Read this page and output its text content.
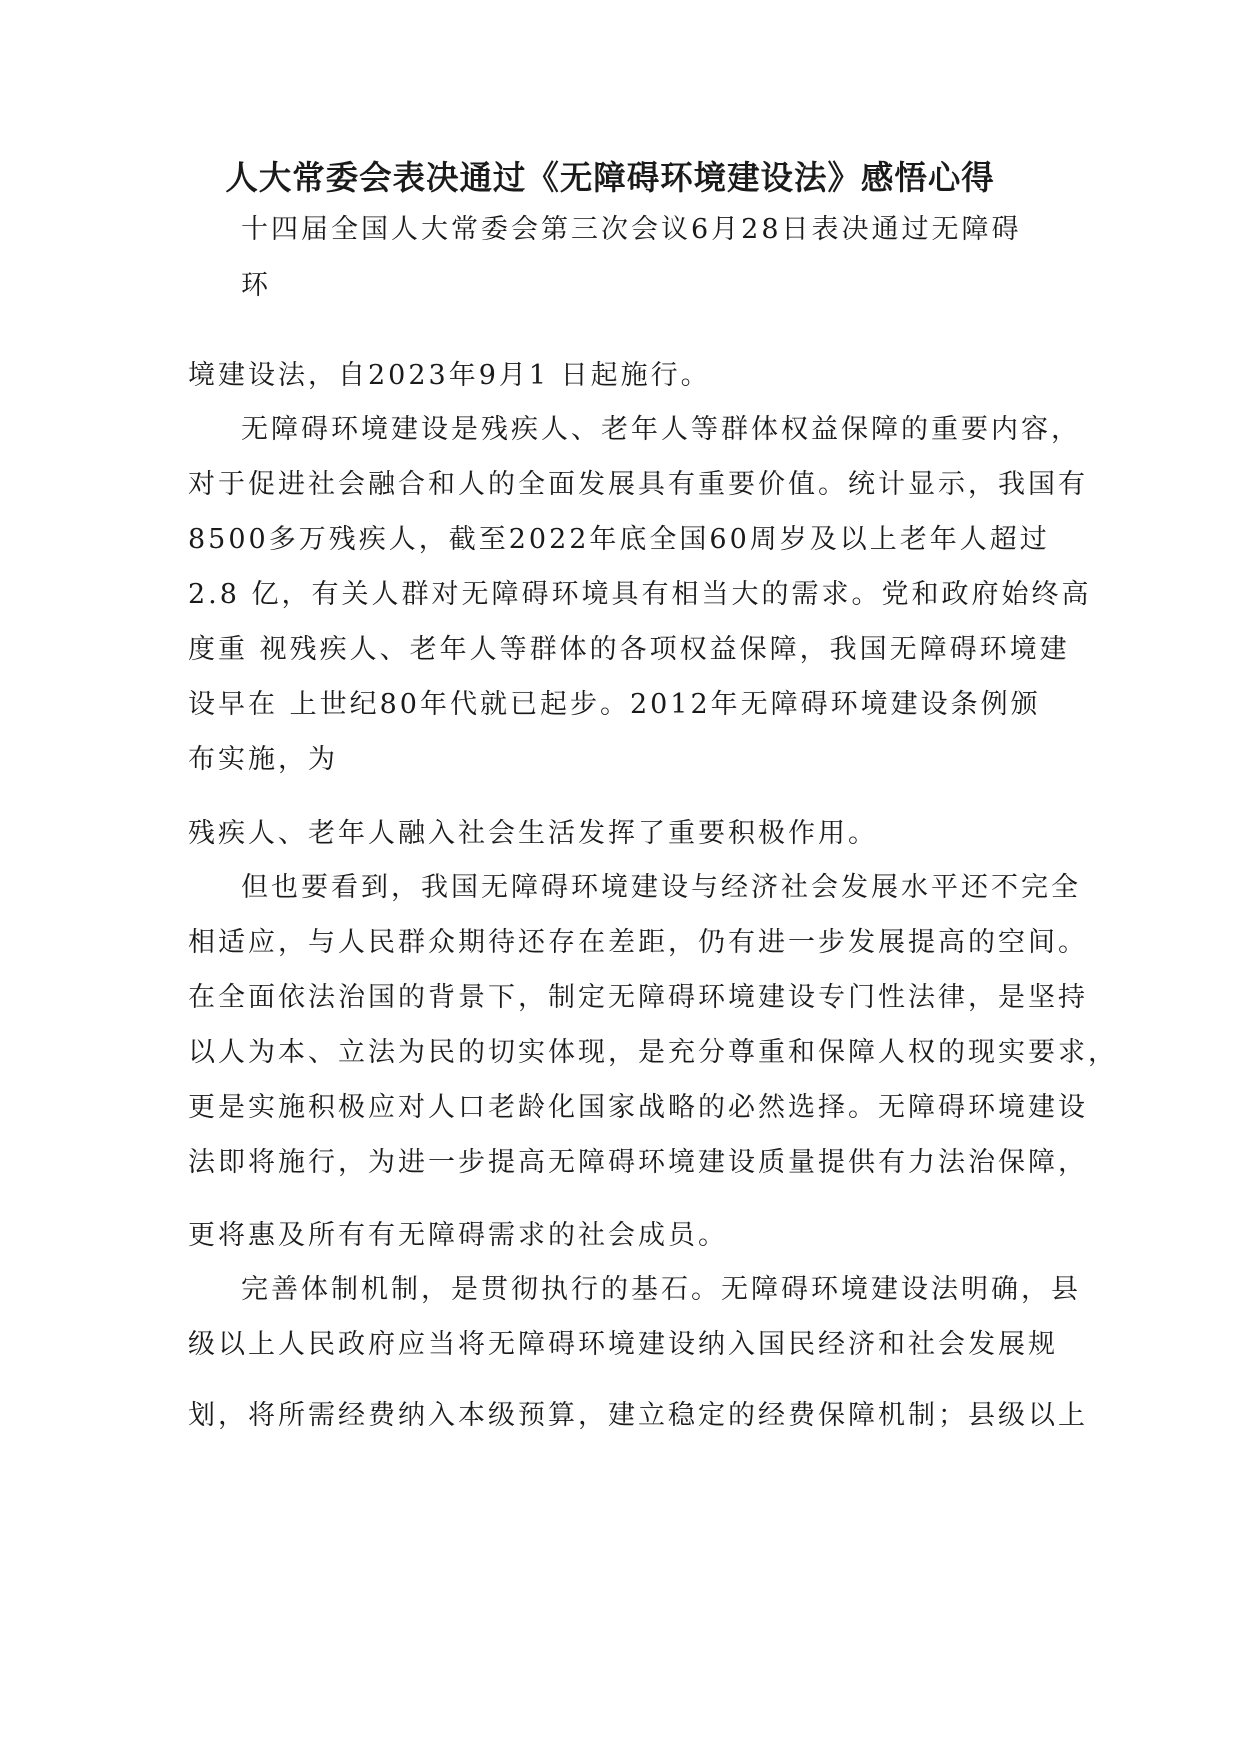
人大常委会表决通过《无障碍环境建设法》感悟心得
十四届全国人大常委会第三次会议6月28日表决通过无障碍
环
境建设法，自2023年9月1 日起施行。
无障碍环境建设是残疾人、老年人等群体权益保障的重要内容，
对于促进社会融合和人的全面发展具有重要价值。统计显示，我国有
8500多万残疾人，截至2022年底全国60周岁及以上老年人超过
2.8 亿，有关人群对无障碍环境具有相当大的需求。党和政府始终高
度重 视残疾人、老年人等群体的各项权益保障，我国无障碍环境建
设早在 上世纪80年代就已起步。2012年无障碍环境建设条例颁
布实施，为
残疾人、老年人融入社会生活发挥了重要积极作用。
但也要看到，我国无障碍环境建设与经济社会发展水平还不完全
相适应，与人民群众期待还存在差距，仍有进一步发展提高的空间。
在全面依法治国的背景下，制定无障碍环境建设专门性法律，是坚持
以人为本、立法为民的切实体现，是充分尊重和保障人权的现实要求，
更是实施积极应对人口老龄化国家战略的必然选择。无障碍环境建设
法即将施行，为进一步提高无障碍环境建设质量提供有力法治保障，
更将惠及所有有无障碍需求的社会成员。
完善体制机制，是贯彻执行的基石。无障碍环境建设法明确，县
级以上人民政府应当将无障碍环境建设纳入国民经济和社会发展规
划，将所需经费纳入本级预算，建立稳定的经费保障机制；县级以上
